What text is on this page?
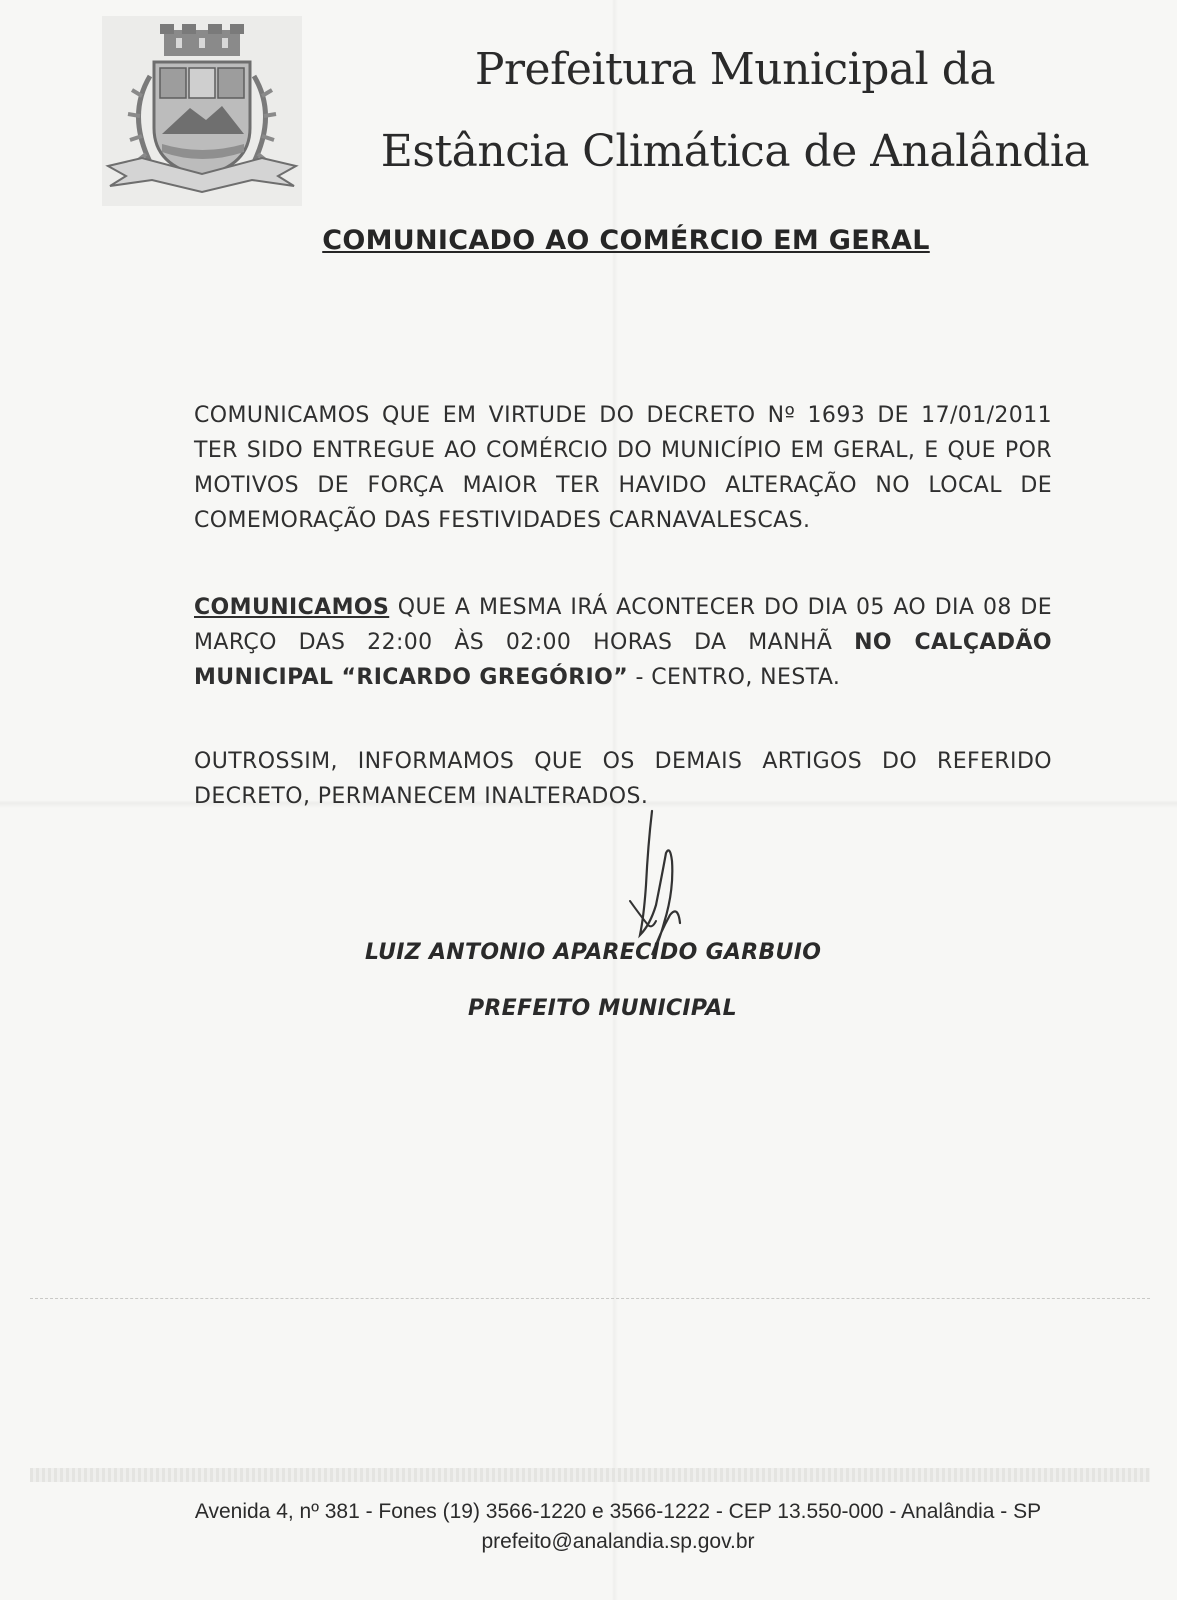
Prefeitura Municipal da
Estância Climática de Analândia
COMUNICADO AO COMÉRCIO EM GERAL
COMUNICAMOS QUE EM VIRTUDE DO DECRETO Nº 1693 DE 17/01/2011 TER SIDO ENTREGUE AO COMÉRCIO DO MUNICÍPIO EM GERAL, E QUE POR MOTIVOS DE FORÇA MAIOR TER HAVIDO ALTERAÇÃO NO LOCAL DE COMEMORAÇÃO DAS FESTIVIDADES CARNAVALESCAS.
COMUNICAMOS QUE A MESMA IRÁ ACONTECER DO DIA 05 AO DIA 08 DE MARÇO DAS 22:00 ÀS 02:00 HORAS DA MANHÃ NO CALÇADÃO MUNICIPAL “RICARDO GREGÓRIO” - CENTRO, NESTA.
OUTROSSIM, INFORMAMOS QUE OS DEMAIS ARTIGOS DO REFERIDO DECRETO, PERMANECEM INALTERADOS.
LUIZ ANTONIO APARECIDO GARBUIO
PREFEITO MUNICIPAL
Avenida 4, nº 381 - Fones (19) 3566-1220 e 3566-1222 - CEP 13.550-000 - Analândia - SP
prefeito@analandia.sp.gov.br
